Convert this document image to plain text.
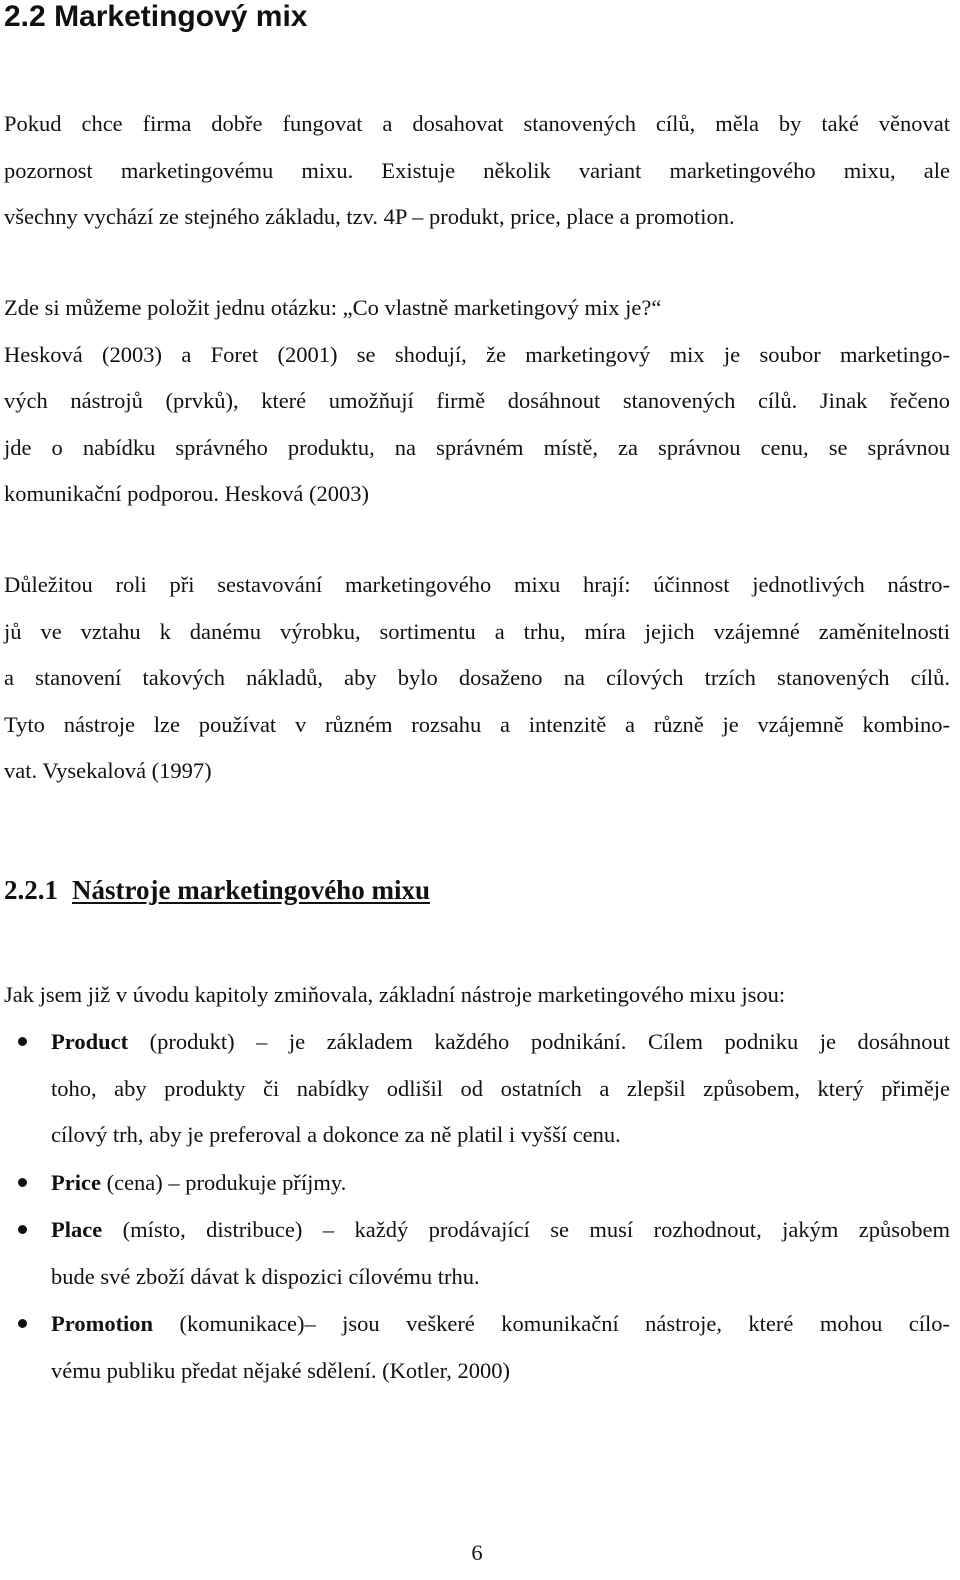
2.2 Marketingový mix

Pokud chce firma dobře fungovat a dosahovat stanovených cílů, měla by také věnovat
pozornost marketingovému mixu. Existuje několik variant marketingového mixu, ale
všechny vychází ze stejného základu, tzv. 4P – produkt, price, place a promotion.

Zde si můžeme položit jednu otázku: „Co vlastně marketingový mix je?“
Hesková (2003) a Foret (2001) se shodují, že marketingový mix je soubor marketingo-
vých nástrojů (prvků), které umožňují firmě dosáhnout stanovených cílů. Jinak řečeno
jde o nabídku správného produktu, na správném místě, za správnou cenu, se správnou
komunikační podporou. Hesková (2003)

Důležitou roli při sestavování marketingového mixu hrají: účinnost jednotlivých nástro-
jů ve vztahu k danému výrobku, sortimentu a trhu, míra jejich vzájemné zaměnitelnosti
a stanovení takových nákladů, aby bylo dosaženo na cílových trzích stanovených cílů.
Tyto nástroje lze používat v různém rozsahu a intenzitě a různě je vzájemně kombino-
vat. Vysekalová (1997)

2.2.1 Nástroje marketingového mixu

Jak jsem již v úvodu kapitoly zmiňovala, základní nástroje marketingového mixu jsou:

Product (produkt) – je základem každého podnikání. Cílem podniku je dosáhnout
toho, aby produkty či nabídky odlišil od ostatních a zlepšil způsobem, který přiměje
cílový trh, aby je preferoval a dokonce za ně platil i vyšší cenu.
Price (cena) – produkuje příjmy.
Place (místo, distribuce) – každý prodávající se musí rozhodnout, jakým způsobem
bude své zboží dávat k dispozici cílovému trhu.
Promotion (komunikace)– jsou veškeré komunikační nástroje, které mohou cílo-
vému publiku předat nějaké sdělení. (Kotler, 2000)
6
